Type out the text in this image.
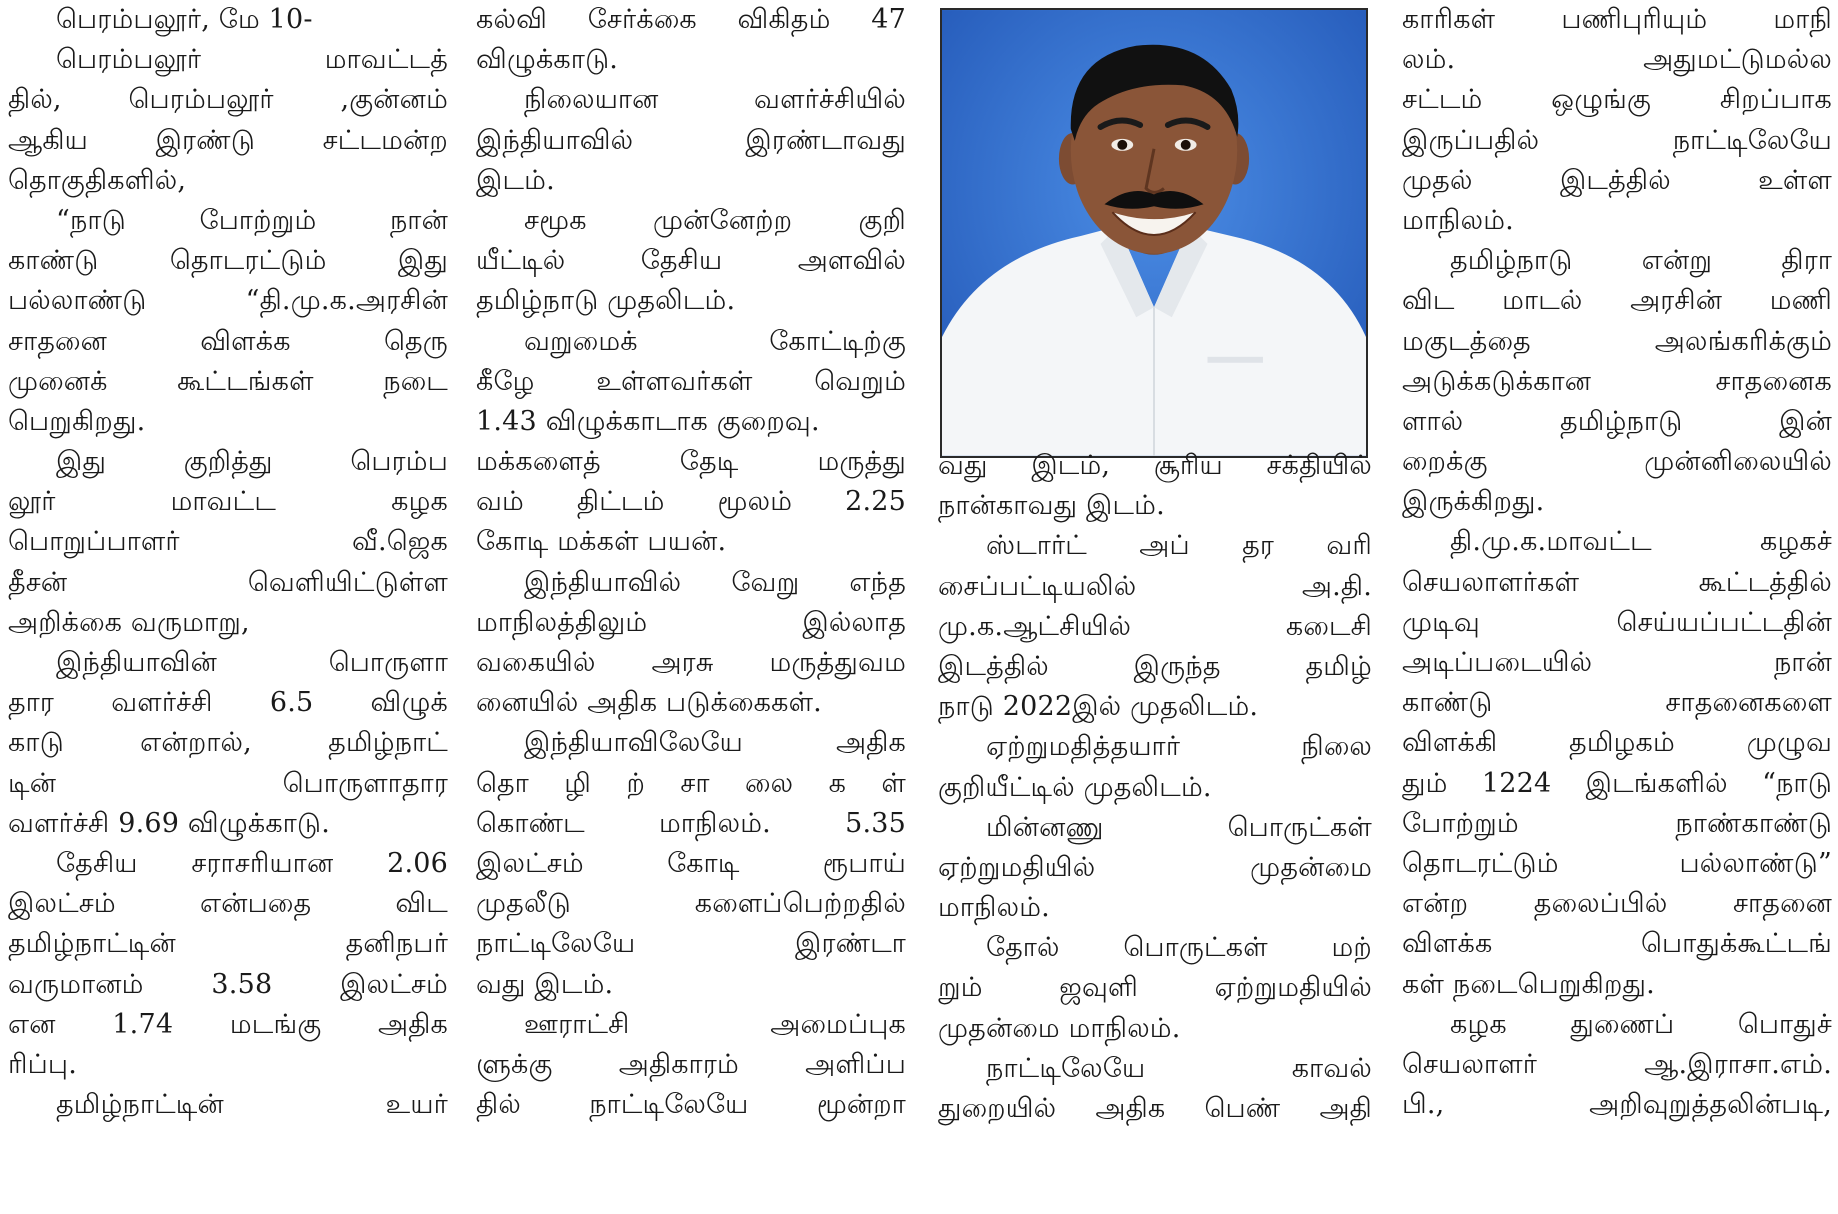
பெரம்பலூர், மே 10-
பெரம்பலூர் மாவட்டத்
தில், பெரம்பலூர் ,குன்னம்
ஆகிய இரண்டு சட்டமன்ற
தொகுதிகளில்,
“நாடு போற்றும் நான்
காண்டு தொடரட்டும் இது
பல்லாண்டு “தி.மு.க.அரசின்
சாதனை விளக்க தெரு
முனைக் கூட்டங்கள் நடை
பெறுகிறது.
இது குறித்து பெரம்ப
லூர் மாவட்ட கழக
பொறுப்பாளர் வீ.ஜெக
தீசன் வெளியிட்டுள்ள
அறிக்கை வருமாறு,
இந்தியாவின் பொருளா
தார வளர்ச்சி 6.5 விழுக்
காடு என்றால், தமிழ்நாட்
டின் பொருளாதார
வளர்ச்சி 9.69 விழுக்காடு.
தேசிய சராசரியான 2.06
இலட்சம் என்பதை விட
தமிழ்நாட்டின் தனிநபர்
வருமானம் 3.58 இலட்சம்
என 1.74 மடங்கு அதிக
ரிப்பு.
தமிழ்நாட்டின் உயர்
கல்வி சேர்க்கை விகிதம் 47
விழுக்காடு.
நிலையான வளர்ச்சியில்
இந்தியாவில் இரண்டாவது
இடம்.
சமூக முன்னேற்ற குறி
யீட்டில் தேசிய அளவில்
தமிழ்நாடு முதலிடம்.
வறுமைக் கோட்டிற்கு
கீழே உள்ளவர்கள் வெறும்
1.43 விழுக்காடாக குறைவு.
மக்களைத் தேடி மருத்து
வம் திட்டம் மூலம் 2.25
கோடி மக்கள் பயன்.
இந்தியாவில் வேறு எந்த
மாநிலத்திலும் இல்லாத
வகையில் அரசு மருத்துவம
னையில் அதிக படுக்கைகள்.
இந்தியாவிலேயே அதிக
தொ ழி ற் சா லை க ள்
கொண்ட மாநிலம். 5.35
இலட்சம் கோடி ரூபாய்
முதலீடு களைப்பெற்றதில்
நாட்டிலேயே இரண்டா
வது இடம்.
ஊராட்சி அமைப்புக
ளுக்கு அதிகாரம் அளிப்ப
தில் நாட்டிலேயே மூன்றா
வது இடம், சூரிய சக்தியில்
நான்காவது இடம்.
ஸ்டார்ட் அப் தர வரி
சைப்பட்டியலில் அ.தி.
மு.க.ஆட்சியில் கடைசி
இடத்தில் இருந்த தமிழ்
நாடு 2022இல் முதலிடம்.
ஏற்றுமதித்தயார் நிலை
குறியீட்டில் முதலிடம்.
மின்னணு பொருட்கள்
ஏற்றுமதியில் முதன்மை
மாநிலம்.
தோல் பொருட்கள் மற்
றும் ஜவுளி ஏற்றுமதியில்
முதன்மை மாநிலம்.
நாட்டிலேயே காவல்
துறையில் அதிக பெண் அதி
காரிகள் பணிபுரியும் மாநி
லம். அதுமட்டுமல்ல
சட்டம் ஒழுங்கு சிறப்பாக
இருப்பதில் நாட்டிலேயே
முதல் இடத்தில் உள்ள
மாநிலம்.
தமிழ்நாடு என்று திரா
விட மாடல் அரசின் மணி
மகுடத்தை அலங்கரிக்கும்
அடுக்கடுக்கான சாதனைக
ளால் தமிழ்நாடு இன்
றைக்கு முன்னிலையில்
இருக்கிறது.
தி.மு.க.மாவட்ட கழகச்
செயலாளர்கள் கூட்டத்தில்
முடிவு செய்யப்பட்டதின்
அடிப்படையில் நான்
காண்டு சாதனைகளை
விளக்கி தமிழகம் முழுவ
தும் 1224 இடங்களில் “நாடு
போற்றும் நாண்காண்டு
தொடரட்டும் பல்லாண்டு”
என்ற தலைப்பில் சாதனை
விளக்க பொதுக்கூட்டங்
கள் நடைபெறுகிறது.
கழக துணைப் பொதுச்
செயலாளர் ஆ.இராசா.எம்.
பி., அறிவுறுத்தலின்படி,
